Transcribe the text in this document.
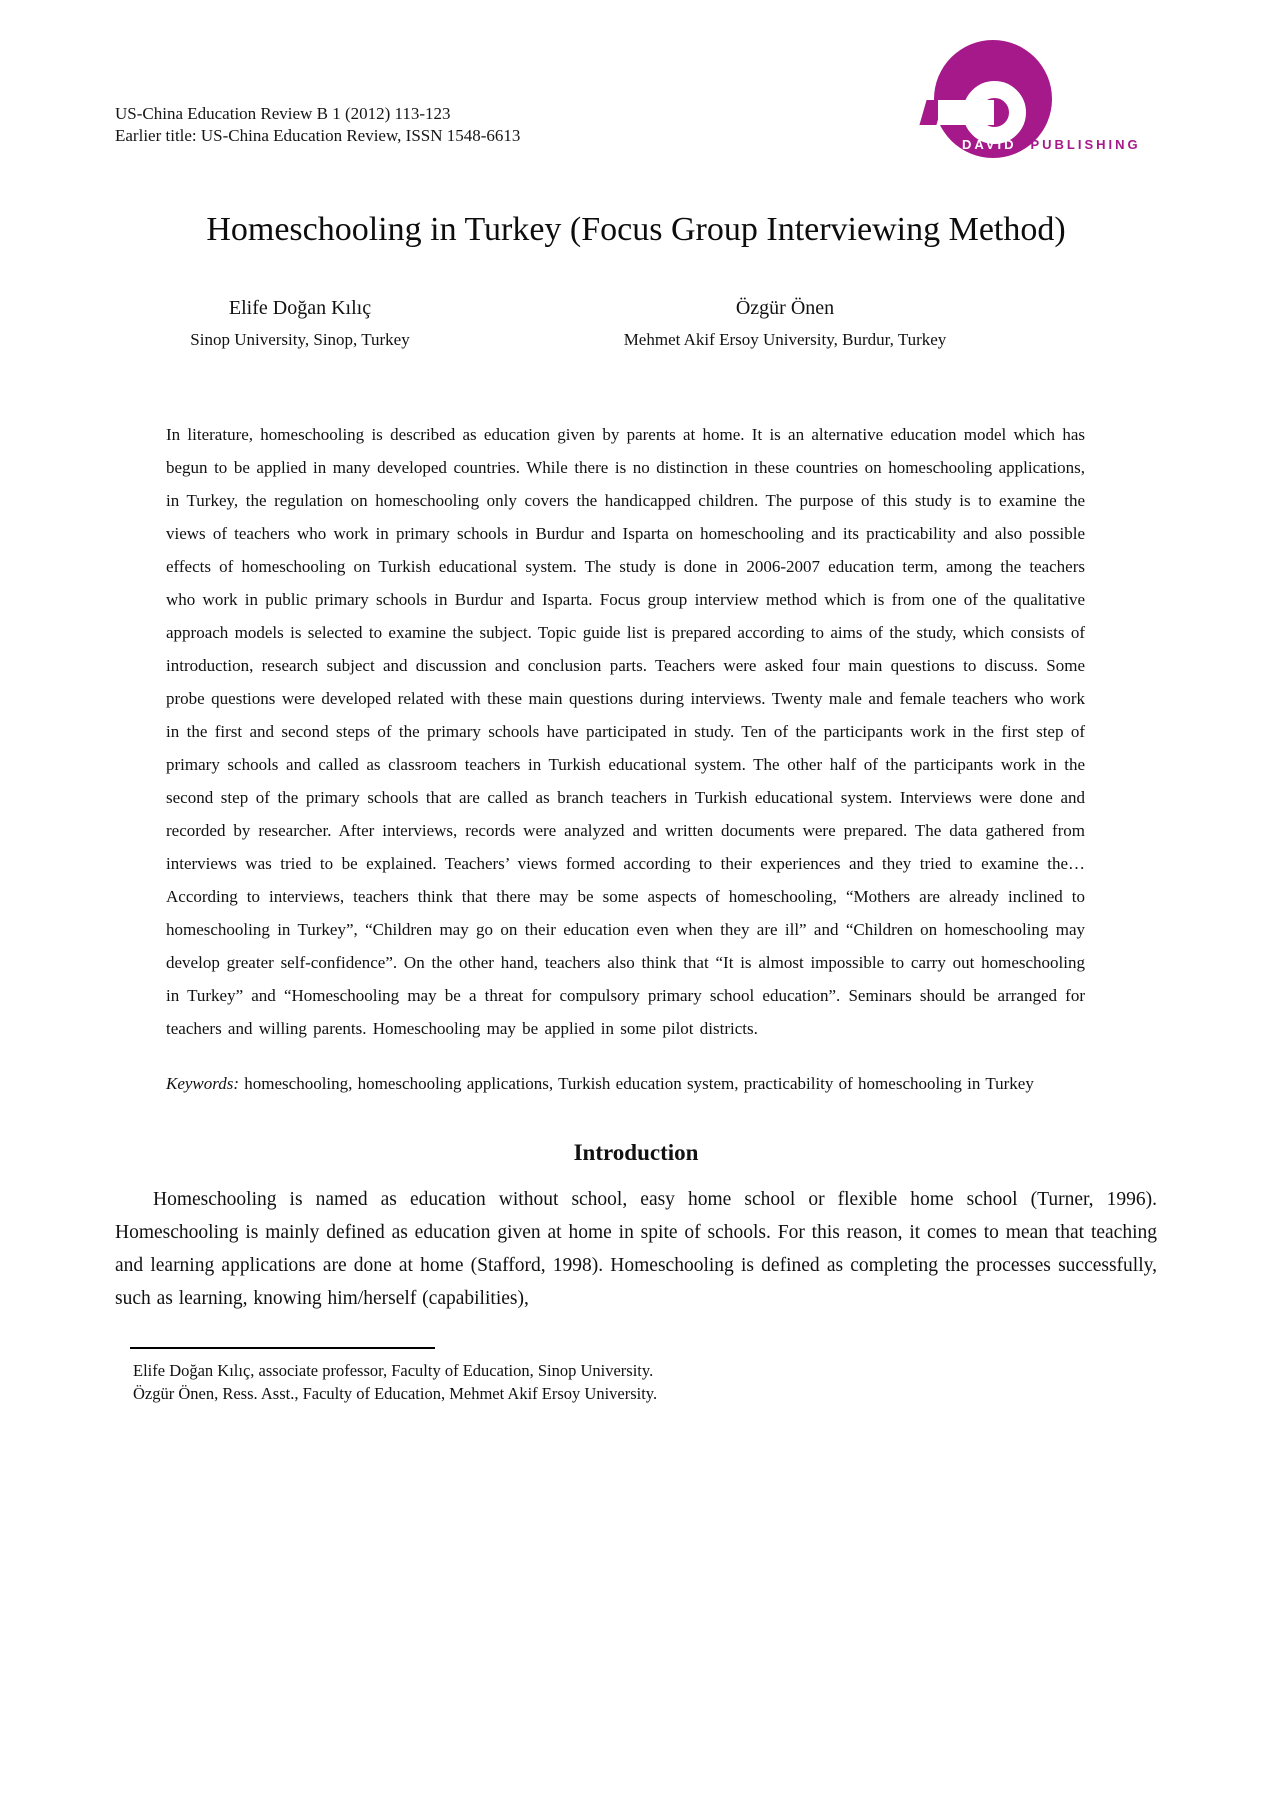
DAVID PUBLISHING
US-China Education Review B 1 (2012) 113-123
Earlier title: US-China Education Review, ISSN 1548-6613
Homeschooling in Turkey (Focus Group Interviewing Method)
Elife Doğan Kılıç
Sinop University, Sinop, Turkey
Özgür Önen
Mehmet Akif Ersoy University, Burdur, Turkey

In literature, homeschooling is described as education given by parents at home. It is an alternative education model which has begun to be applied in many developed countries. While there is no distinction in these countries on homeschooling applications, in Turkey, the regulation on homeschooling only covers the handicapped children. The purpose of this study is to examine the views of teachers who work in primary schools in Burdur and Isparta on homeschooling and its practicability and also possible effects of homeschooling on Turkish educational system. The study is done in 2006-2007 education term, among the teachers who work in public primary schools in Burdur and Isparta. Focus group interview method which is from one of the qualitative approach models is selected to examine the subject. Topic guide list is prepared according to aims of the study, which consists of introduction, research subject and discussion and conclusion parts. Teachers were asked four main questions to discuss. Some probe questions were developed related with these main questions during interviews. Twenty male and female teachers who work in the first and second steps of the primary schools have participated in study. Ten of the participants work in the first step of primary schools and called as classroom teachers in Turkish educational system. The other half of the participants work in the second step of the primary schools that are called as branch teachers in Turkish educational system. Interviews were done and recorded by researcher. After interviews, records were analyzed and written documents were prepared. The data gathered from interviews was tried to be explained. Teachers’ views formed according to their experiences and they tried to examine the… According to interviews, teachers think that there may be some aspects of homeschooling, “Mothers are already inclined to homeschooling in Turkey”, “Children may go on their education even when they are ill” and “Children on homeschooling may develop greater self-confidence”. On the other hand, teachers also think that “It is almost impossible to carry out homeschooling in Turkey” and “Homeschooling may be a threat for compulsory primary school education”. Seminars should be arranged for teachers and willing parents. Homeschooling may be applied in some pilot districts.

Keywords: homeschooling, homeschooling applications, Turkish education system, practicability of homeschooling in Turkey

Introduction

Homeschooling is named as education without school, easy home school or flexible home school (Turner, 1996). Homeschooling is mainly defined as education given at home in spite of schools. For this reason, it comes to mean that teaching and learning applications are done at home (Stafford, 1998). Homeschooling is defined as completing the processes successfully, such as learning, knowing him/herself (capabilities),

Elife Doğan Kılıç, associate professor, Faculty of Education, Sinop University.
Özgür Önen, Ress. Asst., Faculty of Education, Mehmet Akif Ersoy University.
